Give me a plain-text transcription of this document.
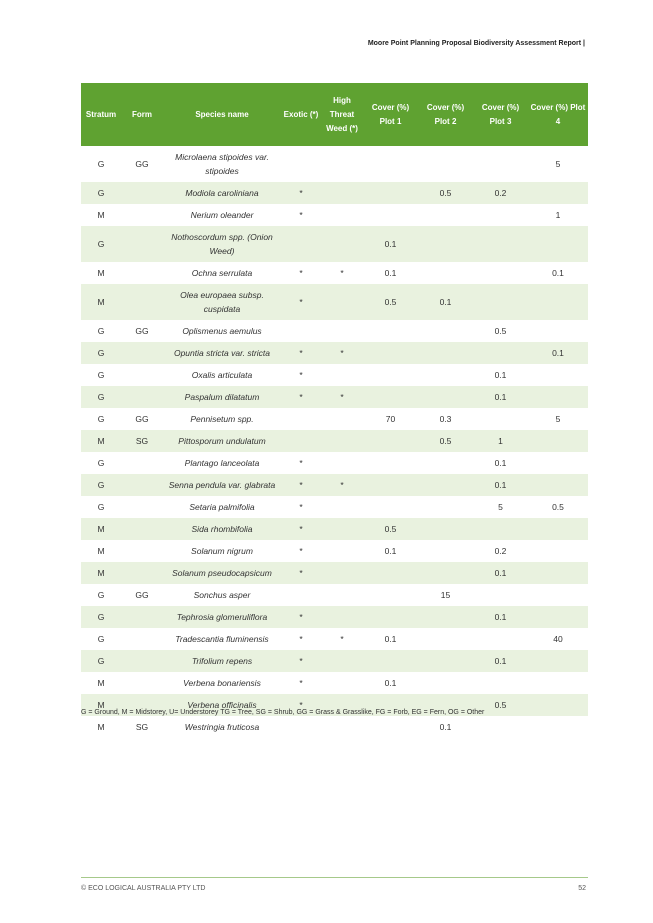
Moore Point Planning Proposal Biodiversity Assessment Report |
Stratum	Form	Species name	Exotic (*)	High Threat Weed (*)	Cover (%) Plot 1	Cover (%) Plot 2	Cover (%) Plot 3	Cover (%) Plot 4
G	GG	Microlaena stipoides var. stipoides						5
G		Modiola caroliniana	*			0.5	0.2	
M		Nerium oleander	*					1
G		Nothoscordum spp. (Onion Weed)			0.1			
M		Ochna serrulata	*	*	0.1			0.1
M		Olea europaea subsp. cuspidata	*		0.5	0.1		
G	GG	Oplismenus aemulus					0.5	
G		Opuntia stricta var. stricta	*	*				0.1
G		Oxalis articulata	*				0.1	
G		Paspalum dilatatum	*	*			0.1	
G	GG	Pennisetum spp.			70	0.3		5
M	SG	Pittosporum undulatum				0.5	1	
G		Plantago lanceolata	*				0.1	
G		Senna pendula var. glabrata	*	*			0.1	
G		Setaria palmifolia	*				5	0.5
M		Sida rhombifolia	*		0.5			
M		Solanum nigrum	*		0.1		0.2	
M		Solanum pseudocapsicum	*				0.1	
G	GG	Sonchus asper				15		
G		Tephrosia glomeruliflora	*				0.1	
G		Tradescantia fluminensis	*	*	0.1			40
G		Trifolium repens	*				0.1	
M		Verbena bonariensis	*		0.1			
M		Verbena officinalis	*				0.5	
M	SG	Westringia fruticosa				0.1		
G = Ground, M = Midstorey, U= Understorey TG = Tree, SG = Shrub, GG = Grass & Grasslike, FG = Forb, EG = Fern, OG = Other
© ECO LOGICAL AUSTRALIA PTY LTD	52
